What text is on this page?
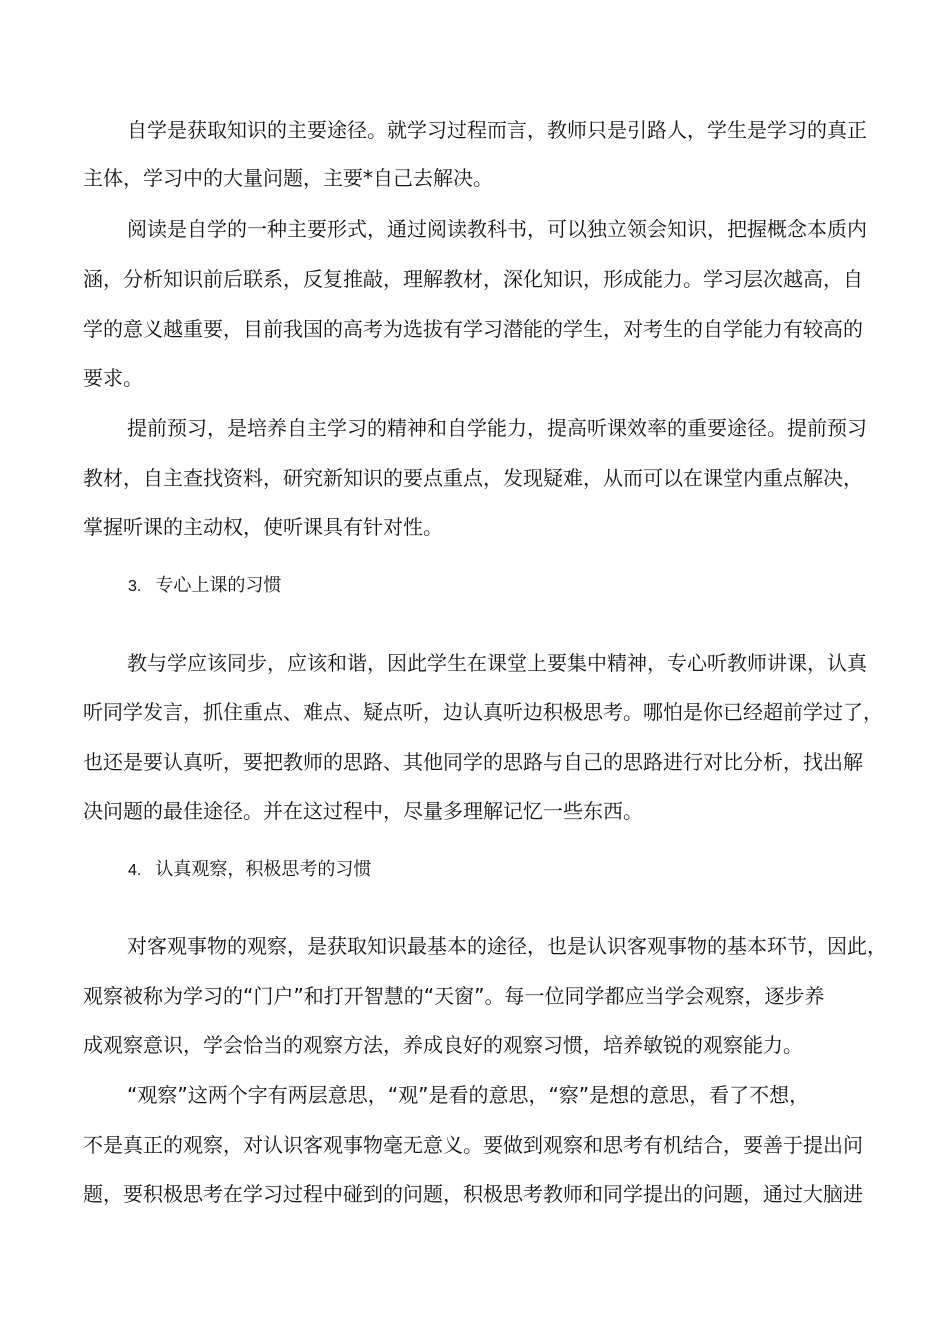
自学是获取知识的主要途径。就学习过程而言，教师只是引路人，学生是学习的真正

主体，学习中的大量问题，主要*自己去解决。

阅读是自学的一种主要形式，通过阅读教科书，可以独立领会知识，把握概念本质内

涵，分析知识前后联系，反复推敲，理解教材，深化知识，形成能力。学习层次越高，自

学的意义越重要，目前我国的高考为选拔有学习潜能的学生，对考生的自学能力有较高的

要求。

提前预习，是培养自主学习的精神和自学能力，提高听课效率的重要途径。提前预习

教材，自主查找资料，研究新知识的要点重点，发现疑难，从而可以在课堂内重点解决，

掌握听课的主动权，使听课具有针对性。

3. 专心上课的习惯

教与学应该同步，应该和谐，因此学生在课堂上要集中精神，专心听教师讲课，认真

听同学发言，抓住重点、难点、疑点听，边认真听边积极思考。哪怕是你已经超前学过了，

也还是要认真听，要把教师的思路、其他同学的思路与自己的思路进行对比分析，找出解

决问题的最佳途径。并在这过程中，尽量多理解记忆一些东西。

4. 认真观察，积极思考的习惯

对客观事物的观察，是获取知识最基本的途径，也是认识客观事物的基本环节，因此，

观察被称为学习的“门户”和打开智慧的“天窗”。每一位同学都应当学会观察，逐步养

成观察意识，学会恰当的观察方法，养成良好的观察习惯，培养敏锐的观察能力。

“观察”这两个字有两层意思，“观”是看的意思，“察”是想的意思，看了不想，

不是真正的观察，对认识客观事物毫无意义。要做到观察和思考有机结合，要善于提出问

题，要积极思考在学习过程中碰到的问题，积极思考教师和同学提出的问题，通过大脑进
